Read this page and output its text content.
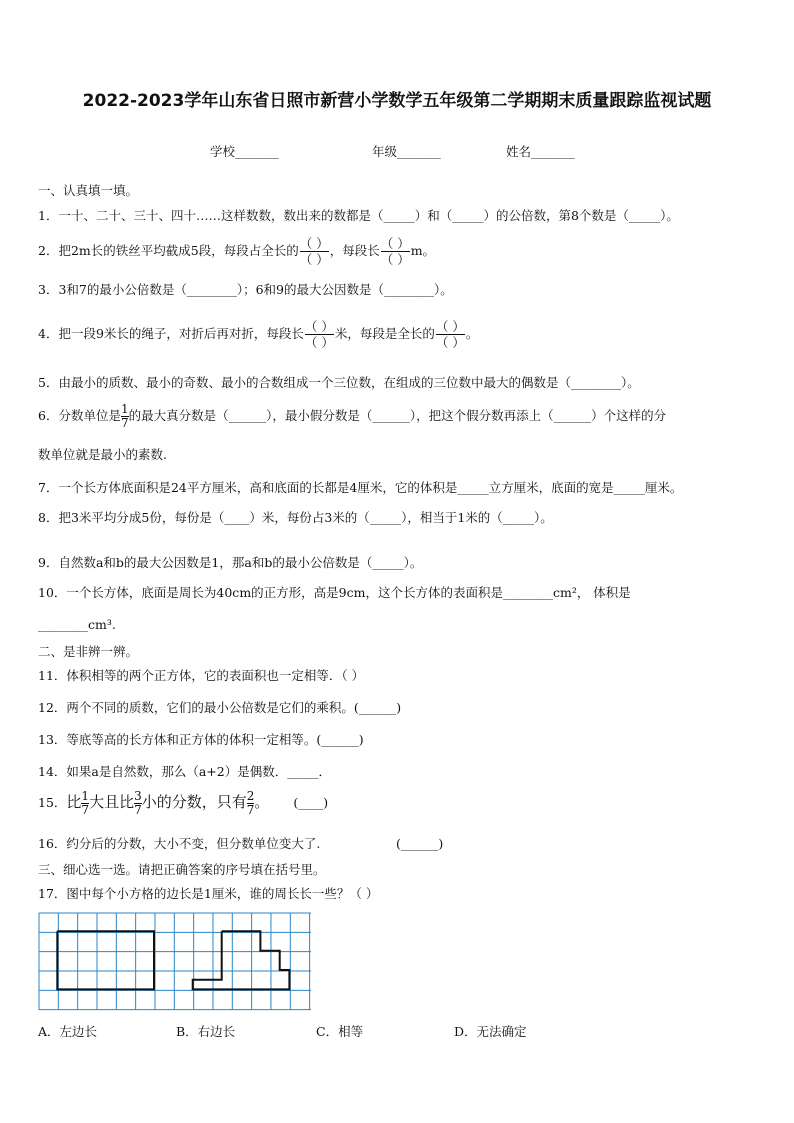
2022-2023学年山东省日照市新营小学数学五年级第二学期期末质量跟踪监视试题
学校_______	年级_______	姓名_______
一、认真填一填。
1．一十、二十、三十、四十……这样数数，数出来的数都是（_____）和（_____）的公倍数，第8个数是（_____）。
2．把2m长的铁丝平均截成5段，每段占全长的 $\frac{( )}{( )}$ ，每段长 $\frac{( )}{( )}$ m。
3．3和7的最小公倍数是（________）；6和9的最大公因数是（________）。
4．把一段9米长的绳子，对折后再对折，每段长 $\frac{( )}{( )}$ 米，每段是全长的 $\frac{( )}{( )}$ 。
5．由最小的质数、最小的奇数、最小的合数组成一个三位数，在组成的三位数中最大的偶数是（________）。
6．分数单位是 $\frac{1}{7}$ 的最大真分数是（______），最小假分数是（______），把这个假分数再添上（______）个这样的分
数单位就是最小的素数.
7．一个长方体底面积是24平方厘米，高和底面的长都是4厘米，它的体积是_____立方厘米，底面的宽是_____厘米。
8．把3米平均分成5份，每份是（____）米，每份占3米的（_____），相当于1米的（_____）。
9．自然数a和b的最大公因数是1，那a和b的最小公倍数是（_____）。
10．一个长方体，底面是周长为40cm的正方形，高是9cm，这个长方体的表面积是________cm²， 体积是
________cm³.
二、是非辨一辨。
11．体积相等的两个正方体，它的表面积也一定相等．（ ）
12．两个不同的质数，它们的最小公倍数是它们的乘积。(______)
13．等底等高的长方体和正方体的体积一定相等。(______)
14．如果a是自然数，那么（a+2）是偶数．_____．
15．比 $\frac{1}{7}$ 大且比 $\frac{3}{7}$ 小的分数，只有 $\frac{2}{7}$ 。 (____)
16．约分后的分数，大小不变，但分数单位变大了.	(______)
三、细心选一选。请把正确答案的序号填在括号里。
17．图中每个小方格的边长是1厘米，谁的周长长一些？（ ）
A．左边长	B．右边长	C．相等	D．无法确定
